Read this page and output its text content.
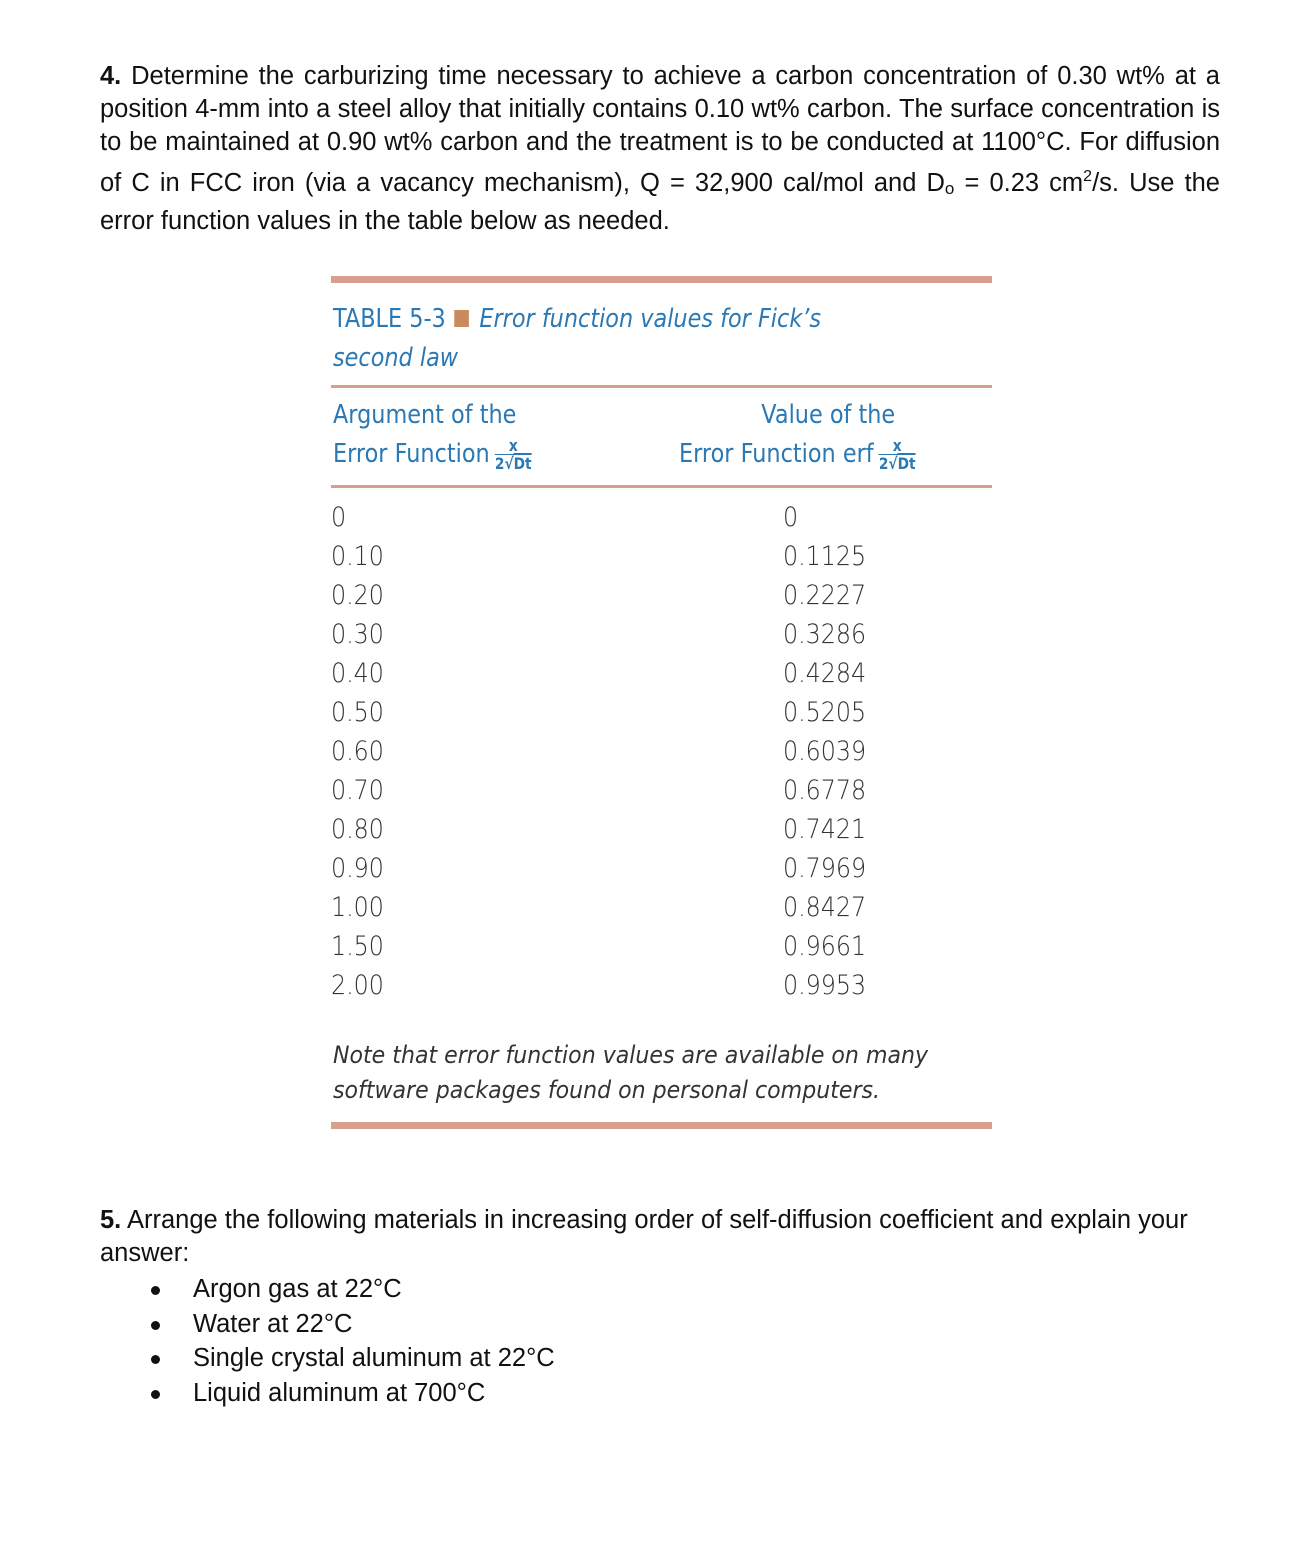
4. Determine the carburizing time necessary to achieve a carbon concentration of 0.30 wt% at a position 4-mm into a steel alloy that initially contains 0.10 wt% carbon. The surface concentration is to be maintained at 0.90 wt% carbon and the treatment is to be conducted at 1100°C. For diffusion of C in FCC iron (via a vacancy mechanism), Q = 32,900 cal/mol and Do = 0.23 $cm^2/s$. Use the error function values in the table below as needed.
TABLE 5-3 Error function values for Fick’s
second law
Argument of the
Error Function $\frac{x}{2√Dt}$
Value of the
Error Function erf $\frac{x}{2√Dt}$
0	0
0.10	0.1125
0.20	0.2227
0.30	0.3286
0.40	0.4284
0.50	0.5205
0.60	0.6039
0.70	0.6778
0.80	0.7421
0.90	0.7969
1.00	0.8427
1.50	0.9661
2.00	0.9953
Note that error function values are available on many
software packages found on personal computers.
5. Arrange the following materials in increasing order of self-diffusion coefficient and explain your answer:
Argon gas at 22°C
Water at 22°C
Single crystal aluminum at 22°C
Liquid aluminum at 700°C
